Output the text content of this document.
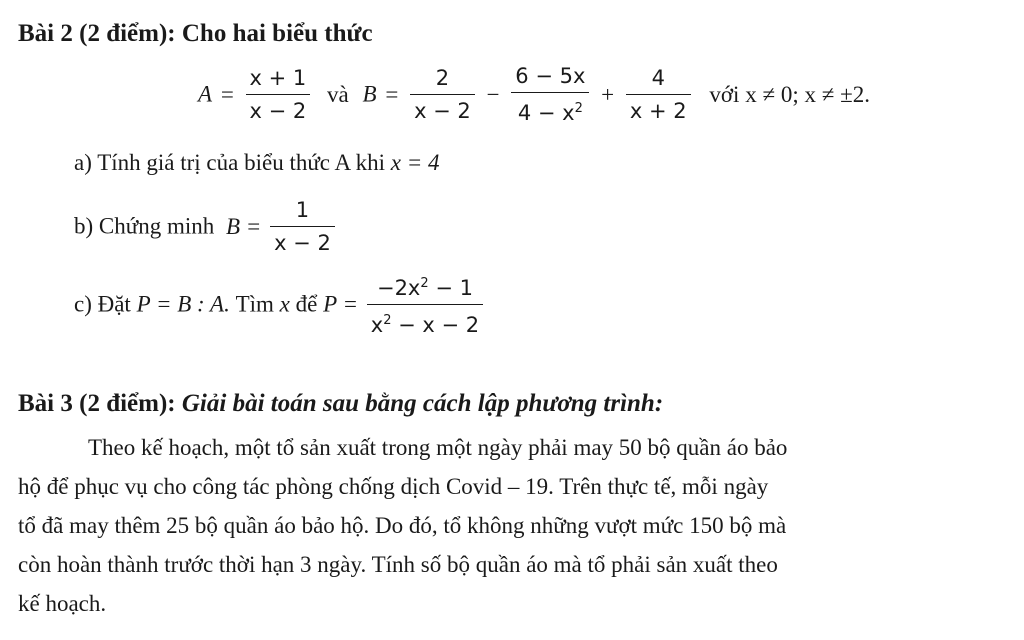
Bài 2 (2 điểm): Cho hai biểu thức
$A = \frac{x + 1}{x - 2}$ và $B = \frac{2}{x - 2} - \frac{6 - 5x}{4 - x^2} + \frac{4}{x + 2}$ với x ≠ 0; x ≠ ±2.
a) Tính giá trị của biểu thức A khi x = 4
b) Chứng minh $B = \frac{1}{x - 2}$
c) Đặt P = B : A. Tìm x để $P = \frac{-2x^2 - 1}{x^2 - x - 2}$
Bài 3 (2 điểm): Giải bài toán sau bằng cách lập phương trình:
Theo kế hoạch, một tổ sản xuất trong một ngày phải may 50 bộ quần áo bảo
hộ để phục vụ cho công tác phòng chống dịch Covid – 19. Trên thực tế, mỗi ngày
tổ đã may thêm 25 bộ quần áo bảo hộ. Do đó, tổ không những vượt mức 150 bộ mà
còn hoàn thành trước thời hạn 3 ngày. Tính số bộ quần áo mà tổ phải sản xuất theo
kế hoạch.
